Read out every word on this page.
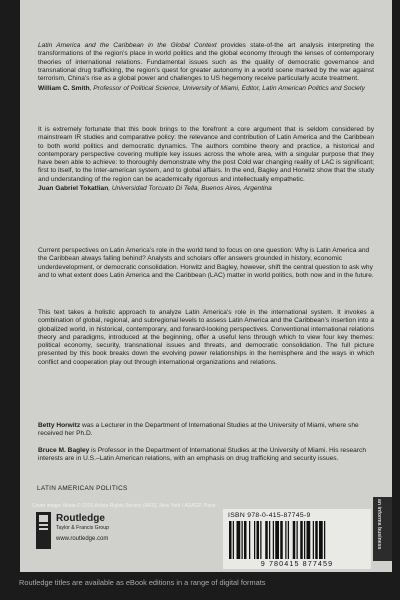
Latin America and the Caribbean in the Global Context provides state-of-the art analysis interpreting the transformations of the region’s place in world politics and the global economy through the lenses of contemporary theories of international relations. Fundamental issues such as the quality of democratic governance and transnational drug trafficking, the region’s quest for greater autonomy in a world scene marked by the war against terrorism, China’s rise as a global power and challenges to US hegemony receive particularly acute treatment.

William C. Smith, Professor of Political Science, University of Miami, Editor, Latin American Politics and Society

It is extremely fortunate that this book brings to the forefront a core argument that is seldom considered by mainstream IR studies and comparative policy: the relevance and contribution of Latin America and the Caribbean to both world politics and democratic dynamics. The authors combine theory and practice, a historical and contemporary perspective covering multiple key issues across the whole area, with a singular purpose that they have been able to achieve: to thoroughly demonstrate why the post Cold war changing reality of LAC is significant; first to itself, to the Inter-american system, and to global affairs. In the end, Bagley and Horwitz show that the study and understanding of the region can be academically rigorous and intellectually empathetic.

Juan Gabriel Tokatlian, Universidad Torcuato Di Tella, Buenos Aires, Argentina

Current perspectives on Latin America’s role in the world tend to focus on one question: Why is Latin America and the Caribbean always falling behind? Analysts and scholars offer answers grounded in history, economic underdevelopment, or democratic consolidation. Horwitz and Bagley, however, shift the central question to ask why and to what extent does Latin America and the Caribbean (LAC) matter in world politics, both now and in the future.

This text takes a holistic approach to analyze Latin America’s role in the international system. It invokes a combination of global, regional, and subregional levels to assess Latin America and the Caribbean’s insertion into a globalized world, in historical, contemporary, and forward-looking perspectives. Conventional international relations theory and paradigms, introduced at the beginning, offer a useful lens through which to view four key themes: political economy, security, transnational issues and threats, and democratic consolidation. The full picture presented by this book breaks down the evolving power relationships in the hemisphere and the ways in which conflict and cooperation play out through international organizations and relations.

Betty Horwitz was a Lecturer in the Department of International Studies at the University of Miami, where she received her Ph.D.

Bruce M. Bagley is Professor in the Department of International Studies at the University of Miami. His research interests are in U.S.–Latin American relations, with an emphasis on drug trafficking and security issues.

LATIN AMERICAN POLITICS
Cover image: Matta © 2015 Artists Rights Society (ARS), New York / ADAGP, Paris
Routledge
Taylor & Francis Group
www.routledge.com
ISBN 978-0-415-87745-9
9 780415 877459
an informa business
Routledge titles are available as eBook editions in a range of digital formats
